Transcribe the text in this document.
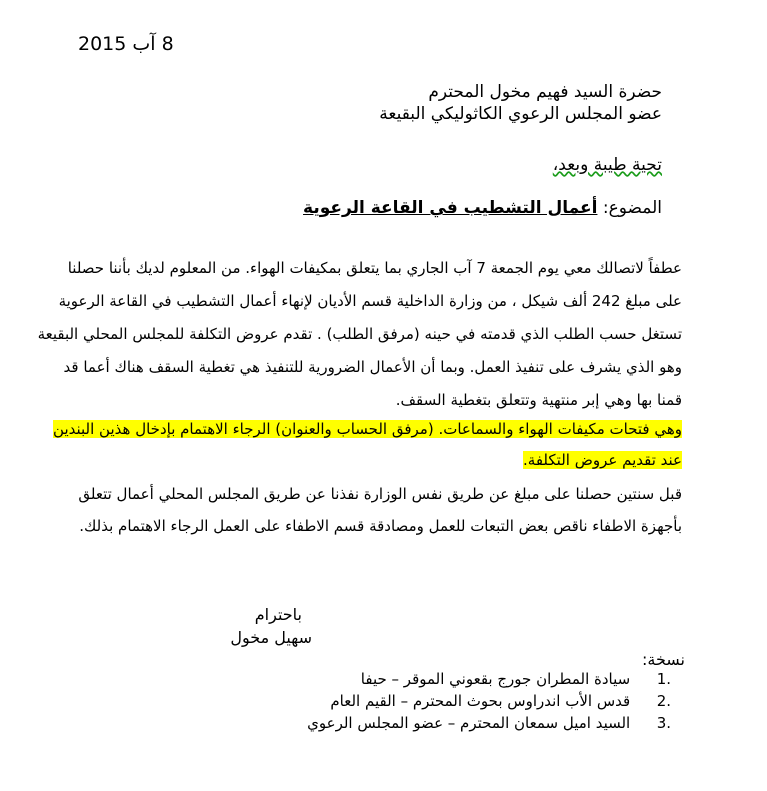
8 آب 2015
حضرة السيد فهيم مخول المحترم
عضو المجلس الرعوي الكاثوليكي البقيعة
تحية طيبة وبعد،
المضوع: أعمال التشطيب في القاعة الرعوية
عطفاً لاتصالك معي يوم الجمعة 7 آب الجاري بما يتعلق بمكيفات الهواء. من المعلوم لديك بأننا حصلنا
على مبلغ 242 ألف شيكل ، من وزارة الداخلية قسم الأديان لإنهاء أعمال التشطيب في القاعة الرعوية
تستغل حسب الطلب الذي قدمته في حينه (مرفق الطلب) . تقدم عروض التكلفة للمجلس المحلي البقيعة
وهو الذي يشرف على تنفيذ العمل. وبما أن الأعمال الضرورية للتنفيذ هي تغطية السقف هناك أعما قد
قمنا بها وهي إبر منتهية وتتعلق بتغطية السقف.
وهي فتحات مكيفات الهواء والسماعات. (مرفق الحساب والعنوان) الرجاء الاهتمام بإدخال هذين البندين
عند تقديم عروض التكلفة.
قبل سنتين حصلنا على مبلغ عن طريق نفس الوزارة نفذنا عن طريق المجلس المحلي أعمال تتعلق
بأجهزة الاطفاء ناقص بعض التبعات للعمل ومصادقة قسم الاطفاء على العمل الرجاء الاهتمام بذلك.
باحترام
سهيل مخول
نسخة:
1. سيادة المطران جورج بقعوني الموقر – حيفا
2. قدس الأب اندراوس بحوث المحترم – القيم العام
3. السيد اميل سمعان المحترم – عضو المجلس الرعوي
